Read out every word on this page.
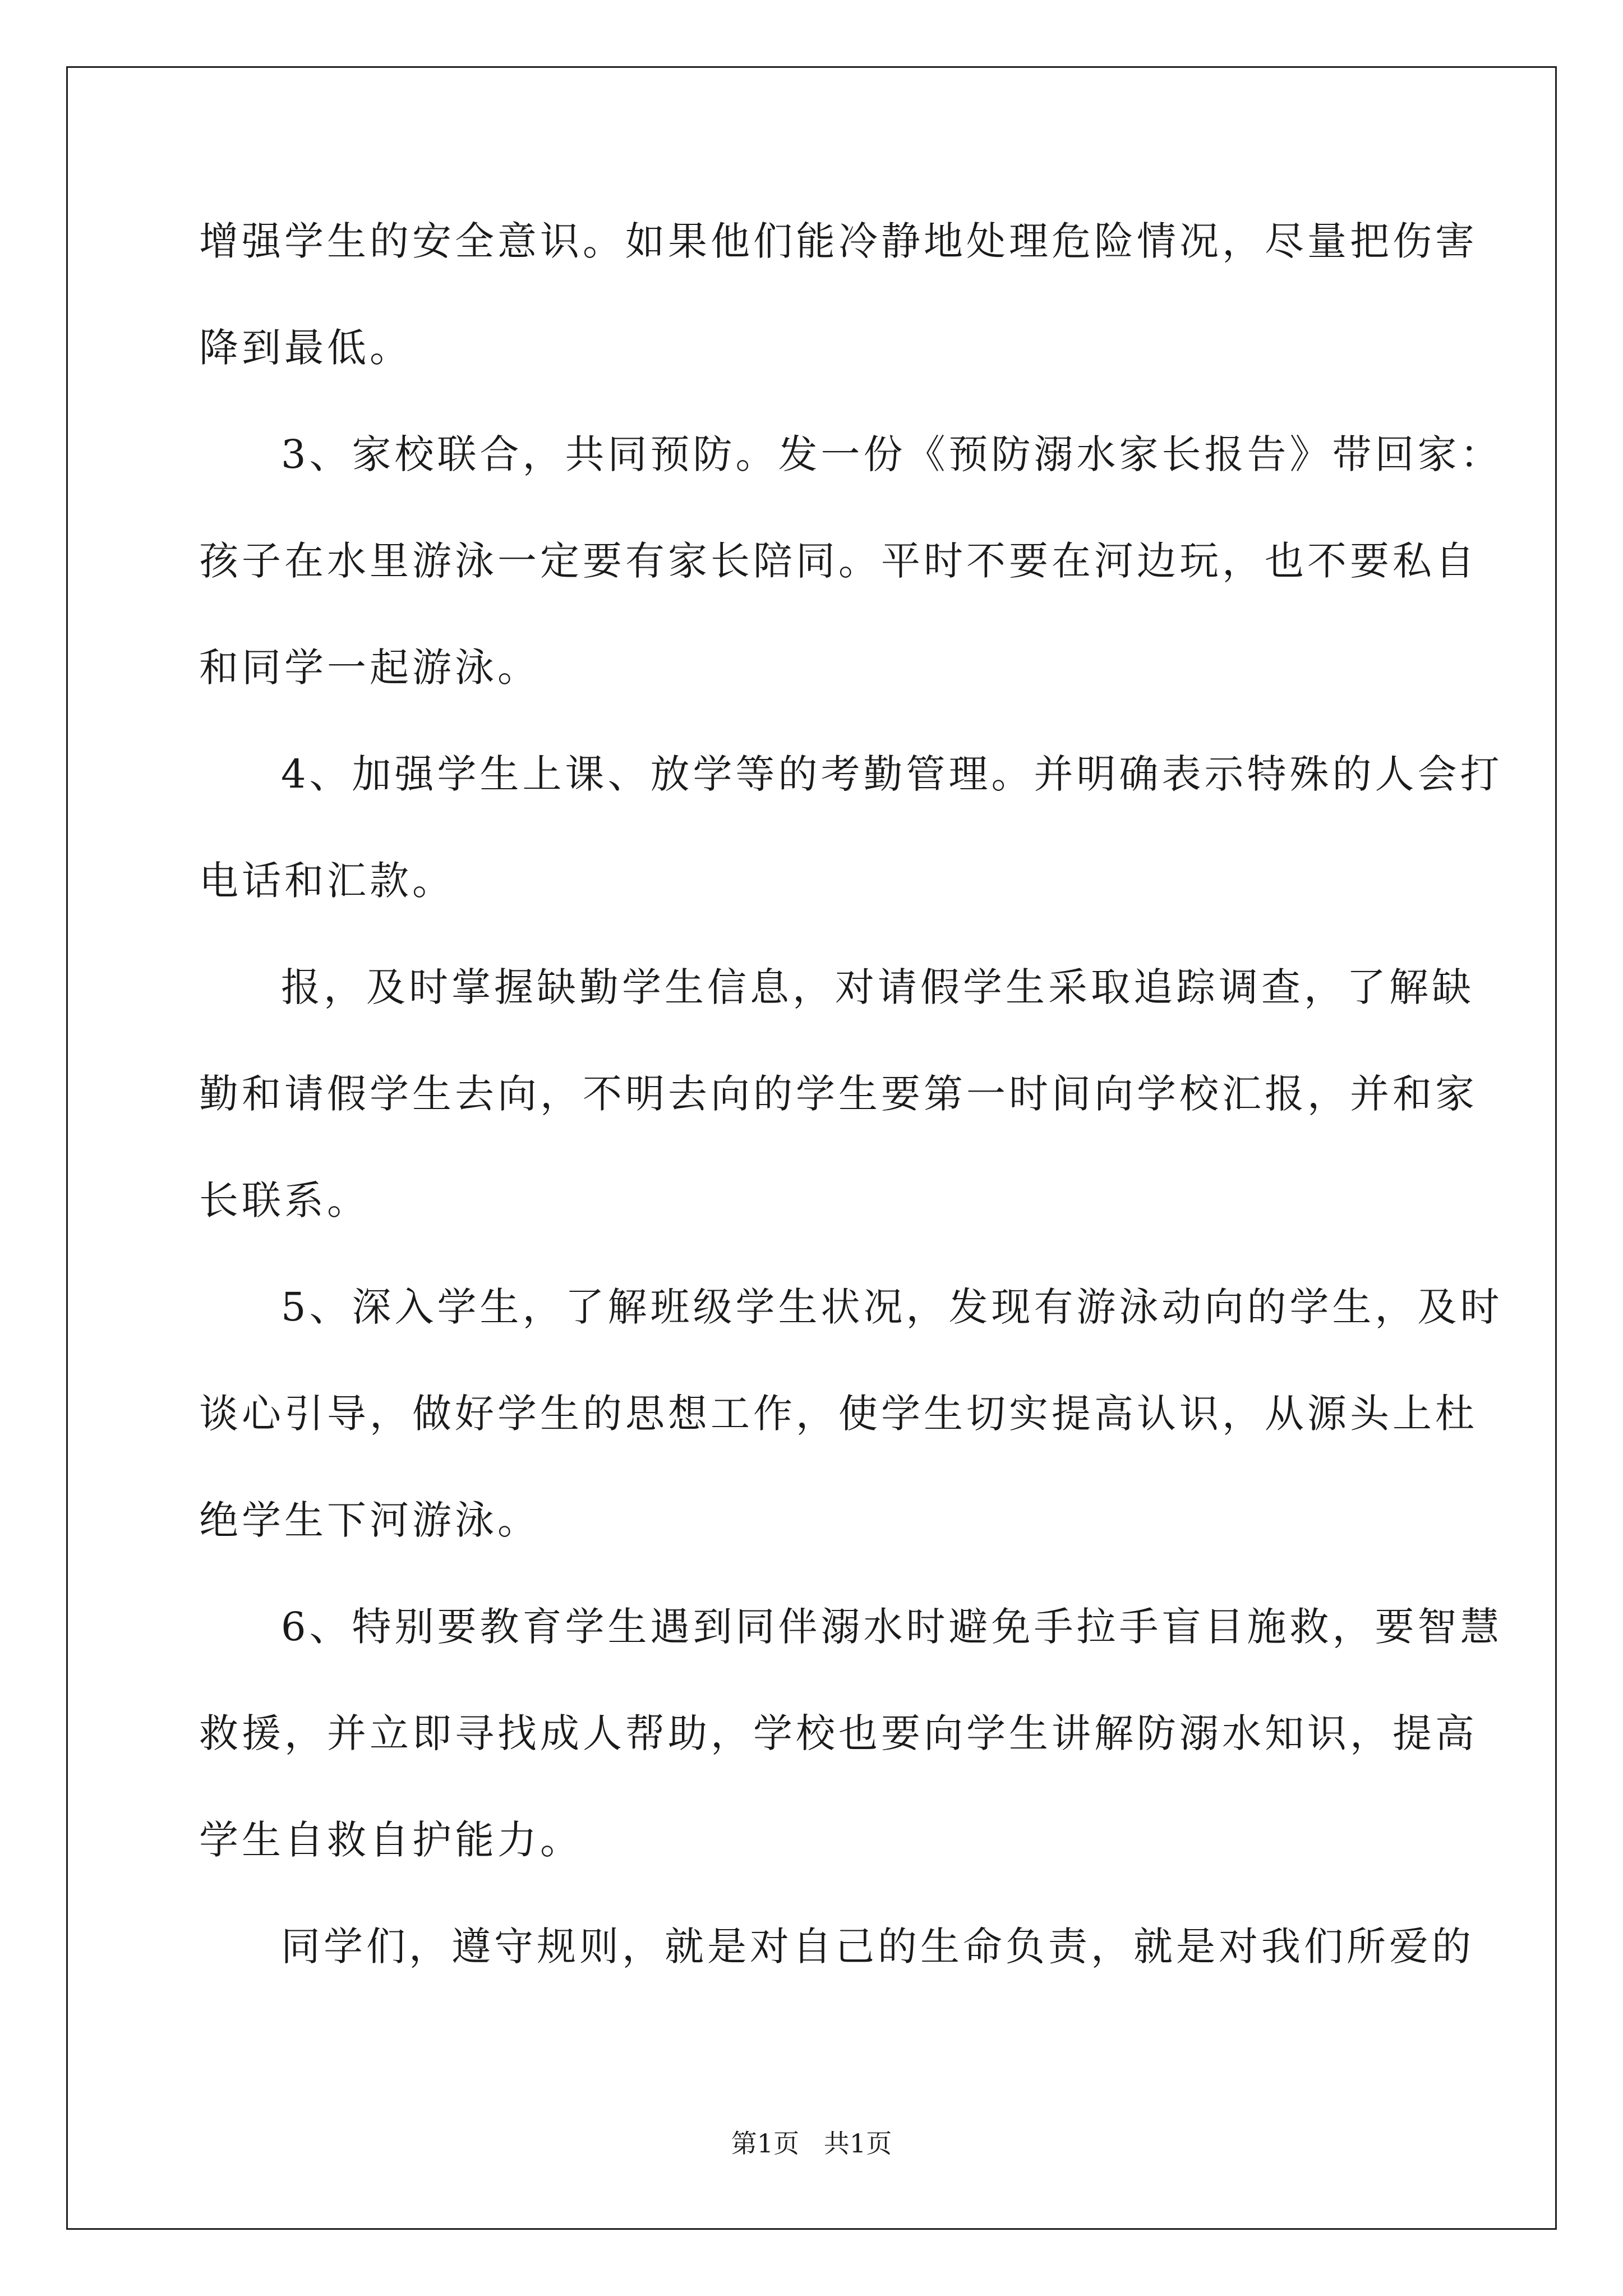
增强学生的安全意识。如果他们能冷静地处理危险情况，尽量把伤害
降到最低。
3、家校联合，共同预防。发一份《预防溺水家长报告》带回家：
孩子在水里游泳一定要有家长陪同。平时不要在河边玩，也不要私自
和同学一起游泳。
4、加强学生上课、放学等的考勤管理。并明确表示特殊的人会打
电话和汇款。
报，及时掌握缺勤学生信息，对请假学生采取追踪调查，了解缺
勤和请假学生去向，不明去向的学生要第一时间向学校汇报，并和家
长联系。
5、深入学生，了解班级学生状况，发现有游泳动向的学生，及时
谈心引导，做好学生的思想工作，使学生切实提高认识，从源头上杜
绝学生下河游泳。
6、特别要教育学生遇到同伴溺水时避免手拉手盲目施救，要智慧
救援，并立即寻找成人帮助，学校也要向学生讲解防溺水知识，提高
学生自救自护能力。
同学们，遵守规则，就是对自己的生命负责，就是对我们所爱的
第1页   共1页
